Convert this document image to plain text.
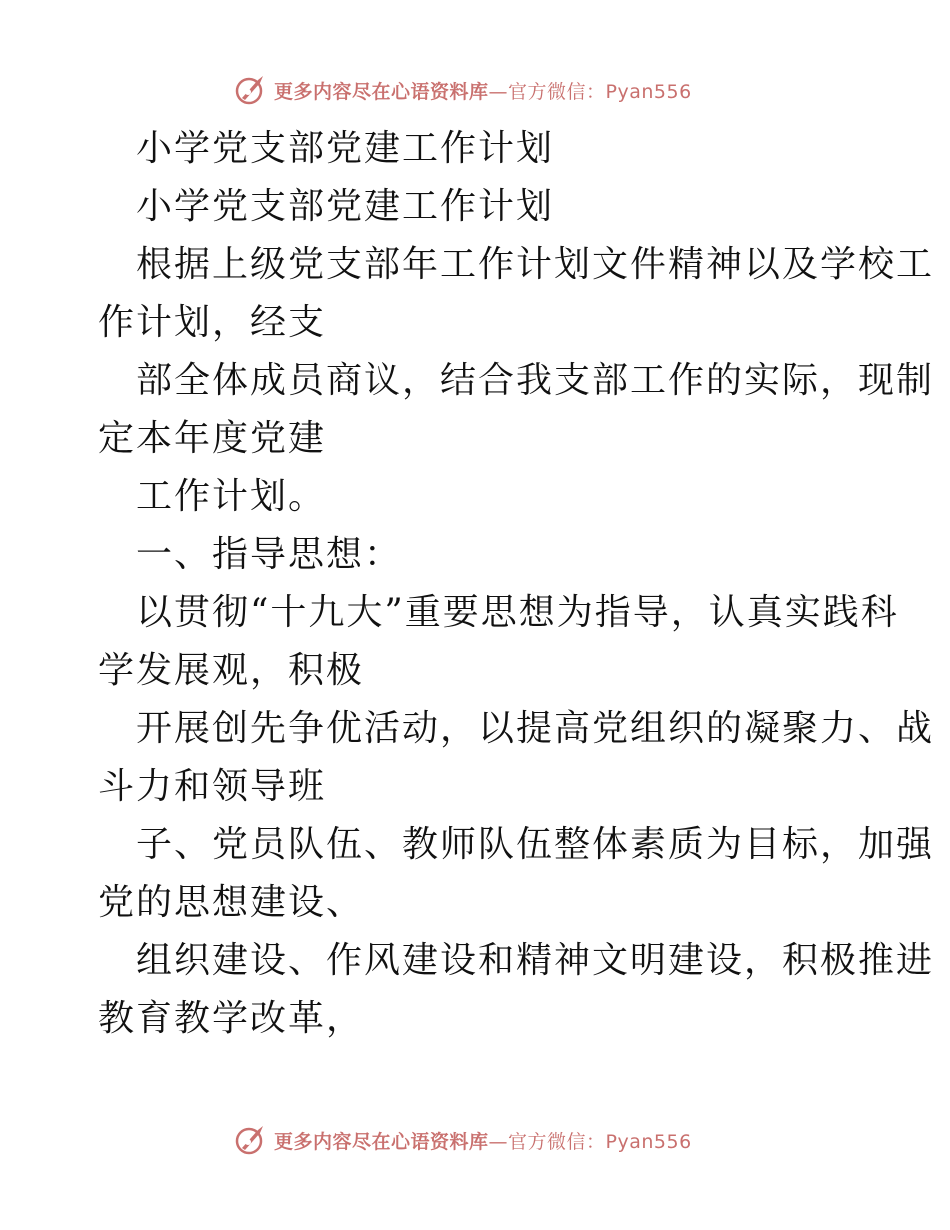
更多内容尽在心语资料库 —官方微信：Pyan556
小学党支部党建工作计划
小学党支部党建工作计划
根据上级党支部年工作计划文件精神以及学校工
作计划，经支
部全体成员商议，结合我支部工作的实际，现制
定本年度党建
工作计划。
一、指导思想：
以贯彻“十九大”重要思想为指导，认真实践科
学发展观，积极
开展创先争优活动，以提高党组织的凝聚力、战
斗力和领导班
子、党员队伍、教师队伍整体素质为目标，加强
党的思想建设、
组织建设、作风建设和精神文明建设，积极推进
教育教学改革，
更多内容尽在心语资料库 —官方微信：Pyan556
